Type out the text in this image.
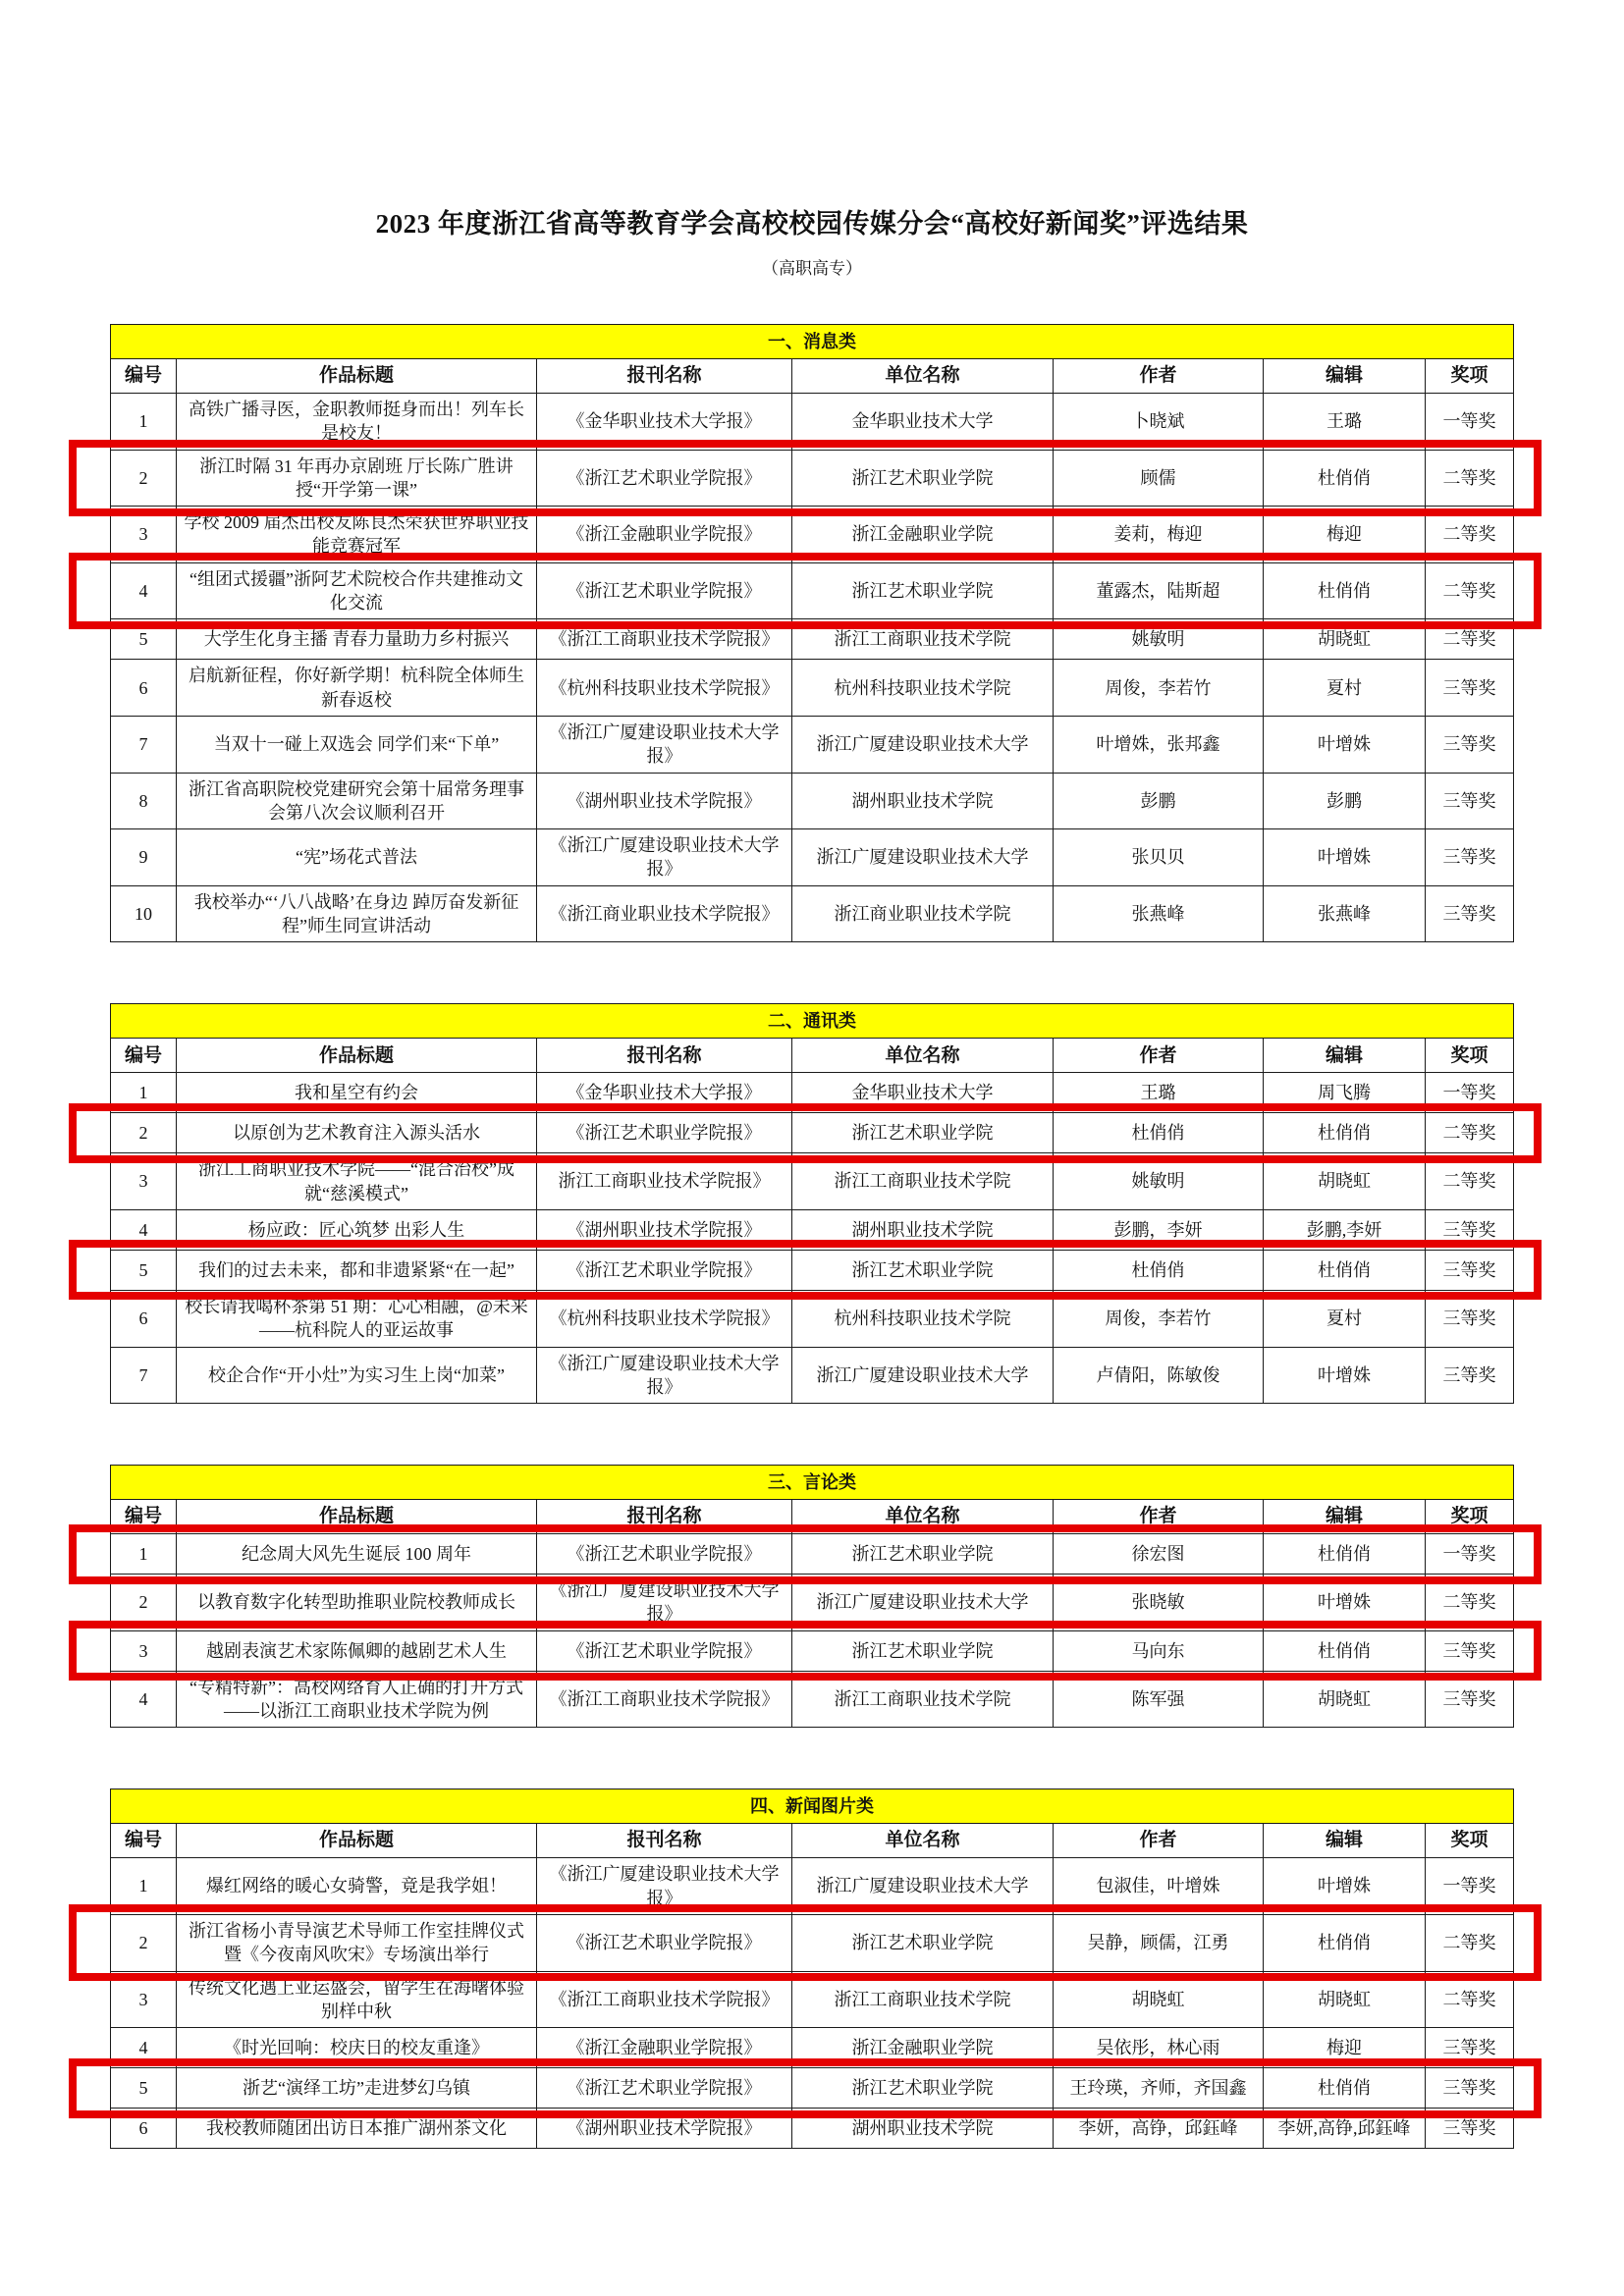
2023 年度浙江省高等教育学会高校校园传媒分会“高校好新闻奖”评选结果
（高职高专）
一、消息类						
编号	作品标题	报刊名称	单位名称	作者	编辑	奖项
1	高铁广播寻医，金职教师挺身而出！列车长是校友！	《金华职业技术大学报》	金华职业技术大学	卜晓斌	王璐	一等奖
2	浙江时隔 31 年再办京剧班 厅长陈广胜讲授“开学第一课”	《浙江艺术职业学院报》	浙江艺术职业学院	顾儒	杜俏俏	二等奖
3	学校 2009 届杰出校友陈良杰荣获世界职业技能竞赛冠军	《浙江金融职业学院报》	浙江金融职业学院	姜莉，梅迎	梅迎	二等奖
4	“组团式援疆”浙阿艺术院校合作共建推动文化交流	《浙江艺术职业学院报》	浙江艺术职业学院	董露杰，陆斯超	杜俏俏	二等奖
5	大学生化身主播 青春力量助力乡村振兴	《浙江工商职业技术学院报》	浙江工商职业技术学院	姚敏明	胡晓虹	二等奖
6	启航新征程，你好新学期！杭科院全体师生新春返校	《杭州科技职业技术学院报》	杭州科技职业技术学院	周俊，李若竹	夏村	三等奖
7	当双十一碰上双选会 同学们来“下单”	《浙江广厦建设职业技术大学报》	浙江广厦建设职业技术大学	叶增姝，张邦鑫	叶增姝	三等奖
8	浙江省高职院校党建研究会第十届常务理事会第八次会议顺利召开	《湖州职业技术学院报》	湖州职业技术学院	彭鹏	彭鹏	三等奖
9	“宪”场花式普法	《浙江广厦建设职业技术大学报》	浙江广厦建设职业技术大学	张贝贝	叶增姝	三等奖
10	我校举办“‘八八战略’在身边 踔厉奋发新征程”师生同宣讲活动	《浙江商业职业技术学院报》	浙江商业职业技术学院	张燕峰	张燕峰	三等奖
二、通讯类						
编号	作品标题	报刊名称	单位名称	作者	编辑	奖项
1	我和星空有约会	《金华职业技术大学报》	金华职业技术大学	王璐	周飞腾	一等奖
2	以原创为艺术教育注入源头活水	《浙江艺术职业学院报》	浙江艺术职业学院	杜俏俏	杜俏俏	二等奖
3	浙江工商职业技术学院——“混合治校”成就“慈溪模式”	浙江工商职业技术学院报》	浙江工商职业技术学院	姚敏明	胡晓虹	二等奖
4	杨应政：匠心筑梦 出彩人生	《湖州职业技术学院报》	湖州职业技术学院	彭鹏，李妍	彭鹏,李妍	三等奖
5	我们的过去未来，都和非遗紧紧“在一起”	《浙江艺术职业学院报》	浙江艺术职业学院	杜俏俏	杜俏俏	三等奖
6	校长请我喝杯茶第 51 期：心心相融，@未来——杭科院人的亚运故事	《杭州科技职业技术学院报》	杭州科技职业技术学院	周俊，李若竹	夏村	三等奖
7	校企合作“开小灶”为实习生上岗“加菜”	《浙江广厦建设职业技术大学报》	浙江广厦建设职业技术大学	卢倩阳，陈敏俊	叶增姝	三等奖
三、言论类						
编号	作品标题	报刊名称	单位名称	作者	编辑	奖项
1	纪念周大风先生诞辰 100 周年	《浙江艺术职业学院报》	浙江艺术职业学院	徐宏图	杜俏俏	一等奖
2	以教育数字化转型助推职业院校教师成长	《浙江广厦建设职业技术大学报》	浙江广厦建设职业技术大学	张晓敏	叶增姝	二等奖
3	越剧表演艺术家陈佩卿的越剧艺术人生	《浙江艺术职业学院报》	浙江艺术职业学院	马向东	杜俏俏	三等奖
4	“专精特新”：高校网络育人正确的打开方式——以浙江工商职业技术学院为例	《浙江工商职业技术学院报》	浙江工商职业技术学院	陈军强	胡晓虹	三等奖
四、新闻图片类						
编号	作品标题	报刊名称	单位名称	作者	编辑	奖项
1	爆红网络的暖心女骑警，竟是我学姐！	《浙江广厦建设职业技术大学报》	浙江广厦建设职业技术大学	包淑佳，叶增姝	叶增姝	一等奖
2	浙江省杨小青导演艺术导师工作室挂牌仪式暨《今夜南风吹宋》专场演出举行	《浙江艺术职业学院报》	浙江艺术职业学院	吴静，顾儒，江勇	杜俏俏	二等奖
3	传统文化遇上亚运盛会，留学生在海曙体验别样中秋	《浙江工商职业技术学院报》	浙江工商职业技术学院	胡晓虹	胡晓虹	二等奖
4	《时光回响：校庆日的校友重逢》	《浙江金融职业学院报》	浙江金融职业学院	吴依彤，林心雨	梅迎	三等奖
5	浙艺“演绎工坊”走进梦幻乌镇	《浙江艺术职业学院报》	浙江艺术职业学院	王玲瑛，齐师，齐国鑫	杜俏俏	三等奖
6	我校教师随团出访日本推广湖州茶文化	《湖州职业技术学院报》	湖州职业技术学院	李妍，高铮，邱鈺峰	李妍,高铮,邱鈺峰	三等奖
